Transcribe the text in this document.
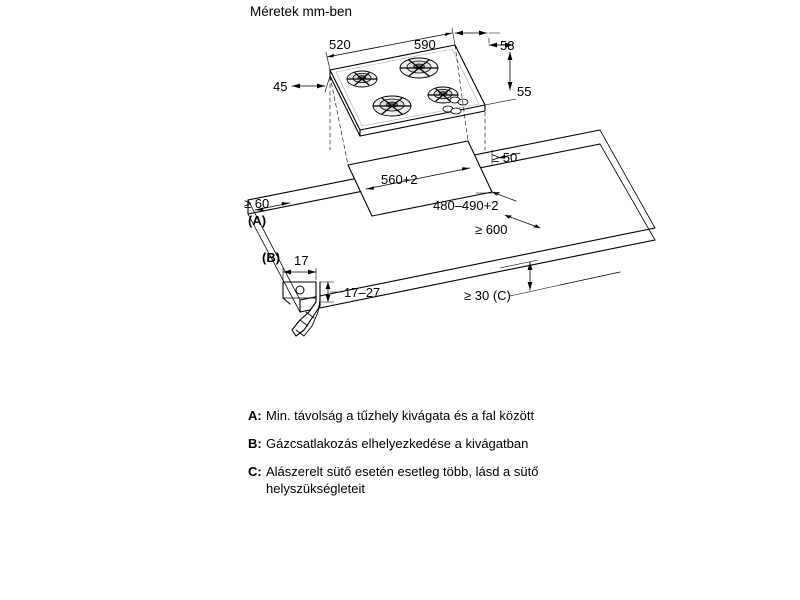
Méretek mm-ben
520	590	58
45	55
≥ 50
560+2
480–490+2
≥ 60
(A)
≥ 600
≥ 30 (C)
(B) 17
17–27
A: Min. távolság a tűzhely kivágata és a fal között
B: Gázcsatlakozás elhelyezkedése a kivágatban
C: Alászerelt sütő esetén esetleg több, lásd a sütő helyszükségleteit
